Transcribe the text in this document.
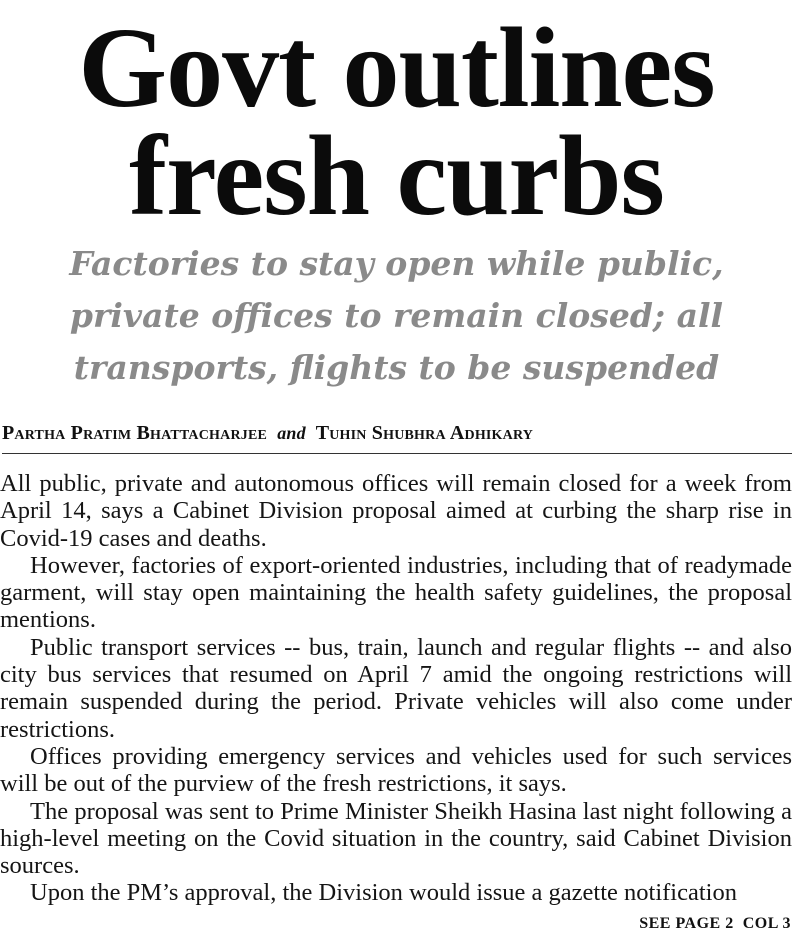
Govt outlines
fresh curbs
Factories to stay open while public,
private offices to remain closed; all
transports, flights to be suspended
Partha Pratim Bhattacharjee and Tuhin Shubhra Adhikary

All public, private and autonomous offices will remain closed for a week from April 14, says a Cabinet Division proposal aimed at curbing the sharp rise in Covid-19 cases and deaths.

However, factories of export-oriented industries, including that of readymade garment, will stay open maintaining the health safety guidelines, the proposal mentions.

Public transport services -- bus, train, launch and regular flights -- and also city bus services that resumed on April 7 amid the ongoing restrictions will remain suspended during the period. Private vehicles will also come under restrictions.

Offices providing emergency services and vehicles used for such services will be out of the purview of the fresh restrictions, it says.

The proposal was sent to Prime Minister Sheikh Hasina last night following a high-level meeting on the Covid situation in the country, said Cabinet Division sources.

Upon the PM’s approval, the Division would issue a gazette notification

SEE PAGE 2  COL 3
